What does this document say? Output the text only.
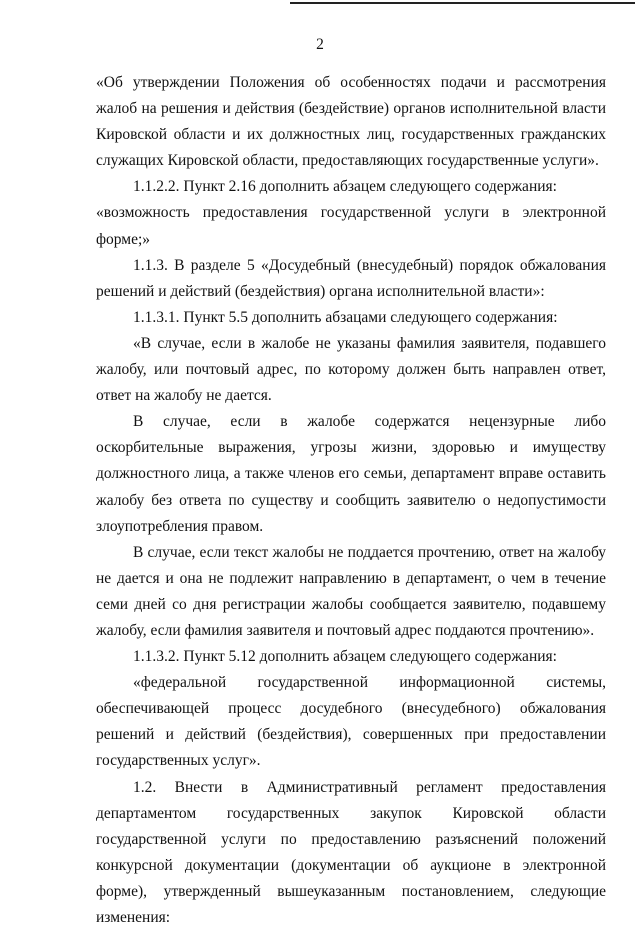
2

«Об утверждении Положения об особенностях подачи и рассмотрения жалоб на решения и действия (бездействие) органов исполнительной власти Кировской области и их должностных лиц, государственных гражданских служащих Кировской области, предоставляющих государственные услуги».

1.1.2.2. Пункт 2.16 дополнить абзацем следующего содержания:

«возможность предоставления государственной услуги в электронной форме;»

1.1.3. В разделе 5 «Досудебный (внесудебный) порядок обжалования решений и действий (бездействия) органа исполнительной власти»:

1.1.3.1. Пункт 5.5 дополнить абзацами следующего содержания:

«В случае, если в жалобе не указаны фамилия заявителя, подавшего жалобу, или почтовый адрес, по которому должен быть направлен ответ, ответ на жалобу не дается.

В случае, если в жалобе содержатся нецензурные либо оскорбительные выражения, угрозы жизни, здоровью и имуществу должностного лица, а также членов его семьи, департамент вправе оставить жалобу без ответа по существу и сообщить заявителю о недопустимости злоупотребления правом.

В случае, если текст жалобы не поддается прочтению, ответ на жалобу не дается и она не подлежит направлению в департамент, о чем в течение семи дней со дня регистрации жалобы сообщается заявителю, подавшему жалобу, если фамилия заявителя и почтовый адрес поддаются прочтению».

1.1.3.2. Пункт 5.12 дополнить абзацем следующего содержания:

«федеральной государственной информационной системы, обеспечивающей процесс досудебного (внесудебного) обжалования решений и действий (бездействия), совершенных при предоставлении государственных услуг».

1.2. Внести в Административный регламент предоставления департаментом государственных закупок Кировской области государственной услуги по предоставлению разъяснений положений конкурсной документации (документации об аукционе в электронной форме), утвержденный вышеуказанным постановлением, следующие изменения:
